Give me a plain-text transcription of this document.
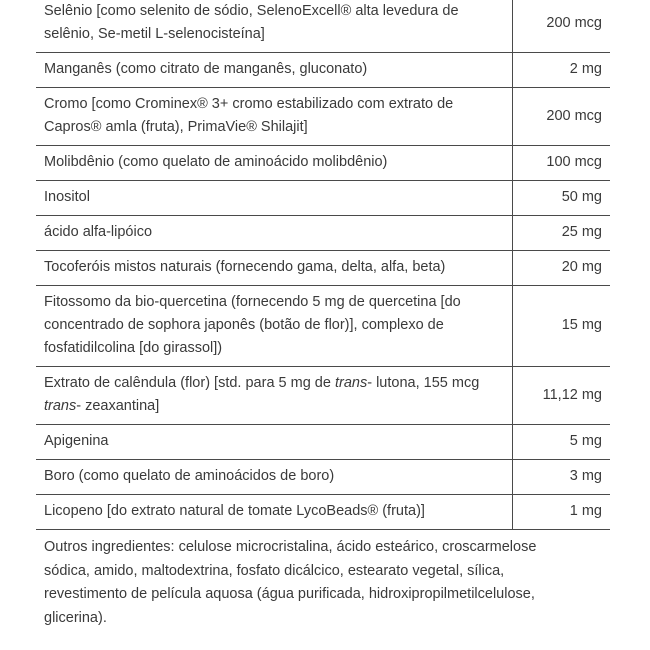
Selênio [como selenito de sódio, SelenoExcell® alta levedura de selênio, Se-metil L-selenocisteína]	200 mcg
Manganês (como citrato de manganês, gluconato)	2 mg
Cromo [como Crominex® 3+ cromo estabilizado com extrato de Capros® amla (fruta), PrimaVie® Shilajit]	200 mcg
Molibdênio (como quelato de aminoácido molibdênio)	100 mcg
Inositol	50 mg
ácido alfa-lipóico	25 mg
Tocoferóis mistos naturais (fornecendo gama, delta, alfa, beta)	20 mg
Fitossomo da bio-quercetina (fornecendo 5 mg de quercetina [do concentrado de sophora japonês (botão de flor)], complexo de fosfatidilcolina [do girassol])	15 mg
Extrato de calêndula (flor) [std. para 5 mg de trans- lutona, 155 mcg trans- zeaxantina]	11,12 mg
Apigenina	5 mg
Boro (como quelato de aminoácidos de boro)	3 mg
Licopeno [do extrato natural de tomate LycoBeads® (fruta)]	1 mg
Outros ingredientes: celulose microcristalina, ácido esteárico, croscarmelose sódica, amido, maltodextrina, fosfato dicálcico, estearato vegetal, sílica, revestimento de película aquosa (água purificada, hidroxipropilmetilcelulose, glicerina).
